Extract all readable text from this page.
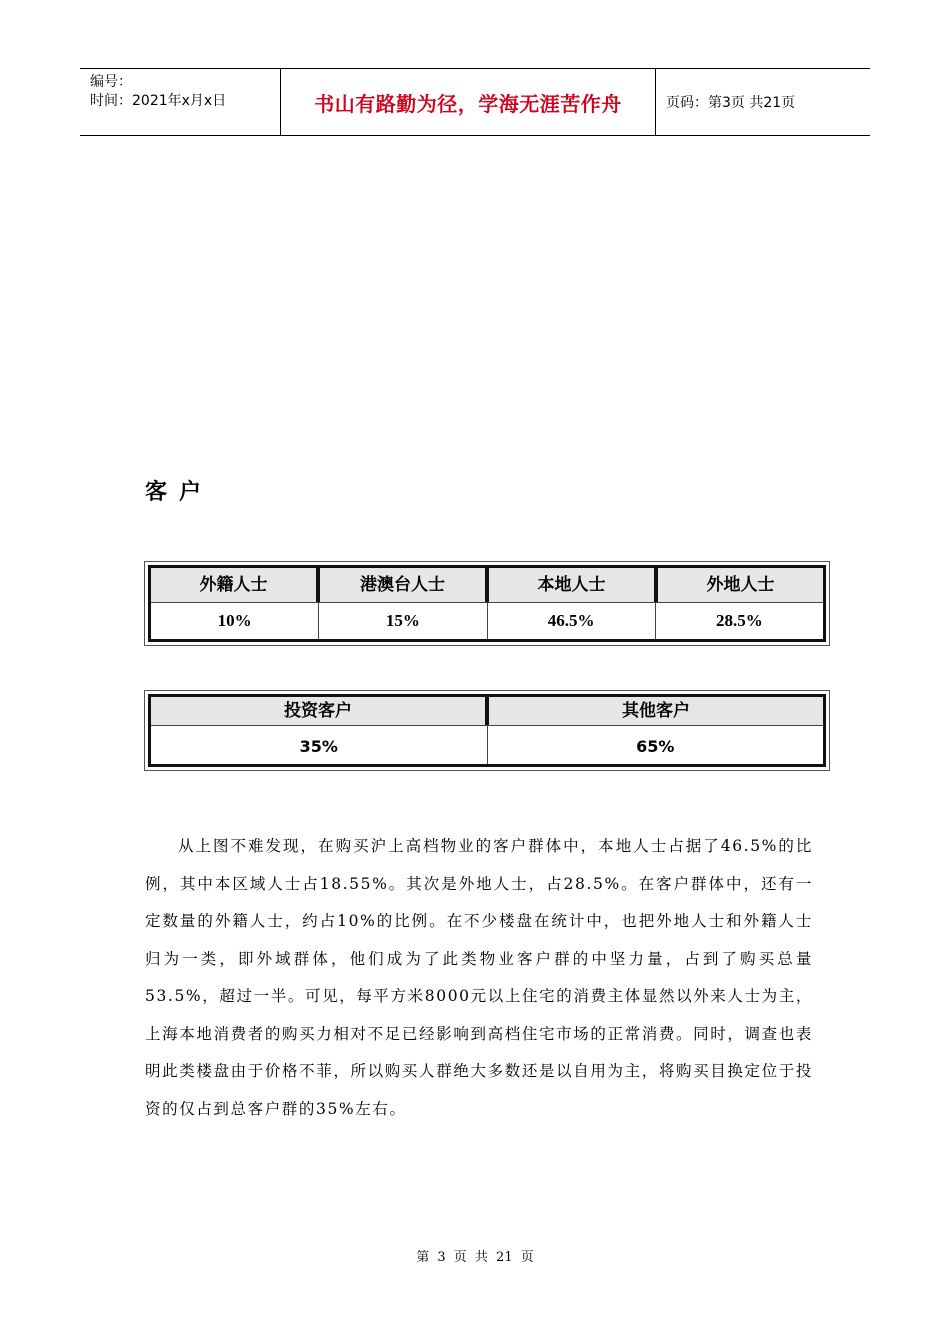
编号：
时间：2021年x月x日	书山有路勤为径，学海无涯苦作舟	页码：第3页 共21页
客户
外籍人士	港澳台人士	本地人士	外地人士
10%	15%	46.5%	28.5%
投资客户	其他客户
35%	65%
从上图不难发现，在购买沪上高档物业的客户群体中，本地人士占据了46.5%的比例，其中本区域人士占18.55%。其次是外地人士，占28.5%。在客户群体中，还有一定数量的外籍人士，约占10%的比例。在不少楼盘在统计中，也把外地人士和外籍人士归为一类，即外域群体，他们成为了此类物业客户群的中坚力量，占到了购买总量53.5%，超过一半。可见，每平方米8000元以上住宅的消费主体显然以外来人士为主，上海本地消费者的购买力相对不足已经影响到高档住宅市场的正常消费。同时，调查也表明此类楼盘由于价格不菲，所以购买人群绝大多数还是以自用为主，将购买目换定位于投资的仅占到总客户群的35%左右。
第 3 页 共 21 页
